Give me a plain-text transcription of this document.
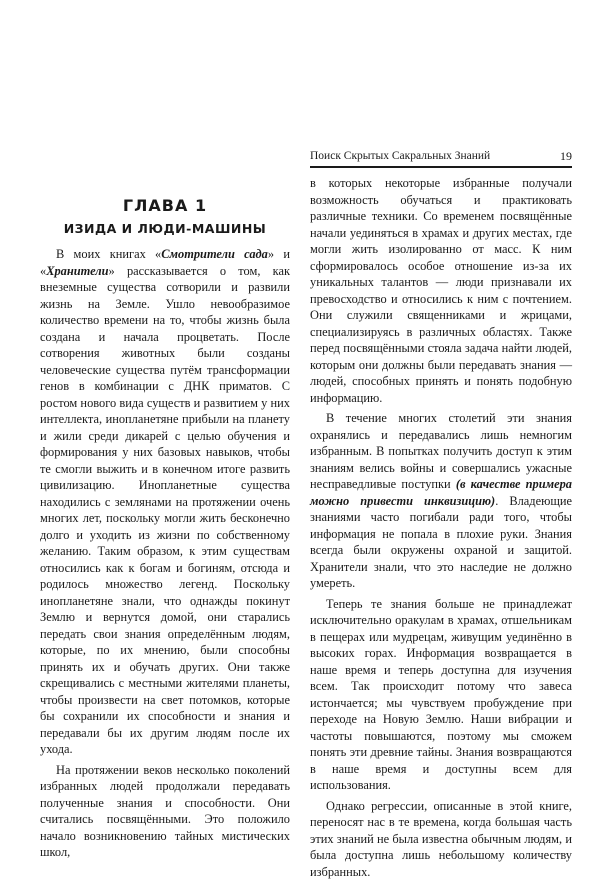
Поиск Скрытых Сакральных Знаний	19
ГЛАВА 1
ИЗИДА И ЛЮДИ-МАШИНЫ

В моих книгах «Смотрители сада» и «Хранители» рассказывается о том, как внеземные существа сотворили и развили жизнь на Земле. Ушло невообразимое количество времени на то, чтобы жизнь была создана и начала процветать. После сотворения животных были созданы человеческие существа путём трансформации генов в комбинации с ДНК приматов. С ростом нового вида существ и развитием у них интеллекта, инопланетяне прибыли на планету и жили среди дикарей с целью обучения и формирования у них базовых навыков, чтобы те смогли выжить и в конечном итоге развить цивилизацию. Инопланетные существа находились с землянами на протяжении очень многих лет, поскольку могли жить бесконечно долго и уходить из жизни по собственному желанию. Таким образом, к этим существам относились как к богам и богиням, отсюда и родилось множество легенд. Поскольку инопланетяне знали, что однажды покинут Землю и вернутся домой, они старались передать свои знания определённым людям, которые, по их мнению, были способны принять их и обучать других. Они также скрещивались с местными жителями планеты, чтобы произвести на свет потомков, которые бы сохранили их способности и знания и передавали бы их другим людям после их ухода.

На протяжении веков несколько поколений избранных людей продолжали передавать полученные знания и способности. Они считались посвящёнными. Это положило начало возникновению тайных мистических школ,

в которых некоторые избранные получали возможность обучаться и практиковать различные техники. Со временем посвящённые начали уединяться в храмах и других местах, где могли жить изолированно от масс. К ним сформировалось особое отношение из-за их уникальных талантов — люди признавали их превосходство и относились к ним с почтением. Они служили священниками и жрицами, специализируясь в различных областях. Также перед посвящёнными стояла задача найти людей, которым они должны были передавать знания — людей, способных принять и понять подобную информацию.

В течение многих столетий эти знания охранялись и передавались лишь немногим избранным. В попытках получить доступ к этим знаниям велись войны и совершались ужасные несправедливые поступки (в качестве примера можно привести инквизицию). Владеющие знаниями часто погибали ради того, чтобы информация не попала в плохие руки. Знания всегда были окружены охраной и защитой. Хранители знали, что это наследие не должно умереть.

Теперь те знания больше не принадлежат исключительно оракулам в храмах, отшельникам в пещерах или мудрецам, живущим уединённо в высоких горах. Информация возвращается в наше время и теперь доступна для изучения всем. Так происходит потому что завеса истончается; мы чувствуем пробуждение при переходе на Новую Землю. Наши вибрации и частоты повышаются, поэтому мы сможем понять эти древние тайны. Знания возвращаются в наше время и доступны всем для использования.

Однако регрессии, описанные в этой книге, переносят нас в те времена, когда большая часть этих знаний не была известна обычным людям, и была доступна лишь небольшому количеству избранных.
